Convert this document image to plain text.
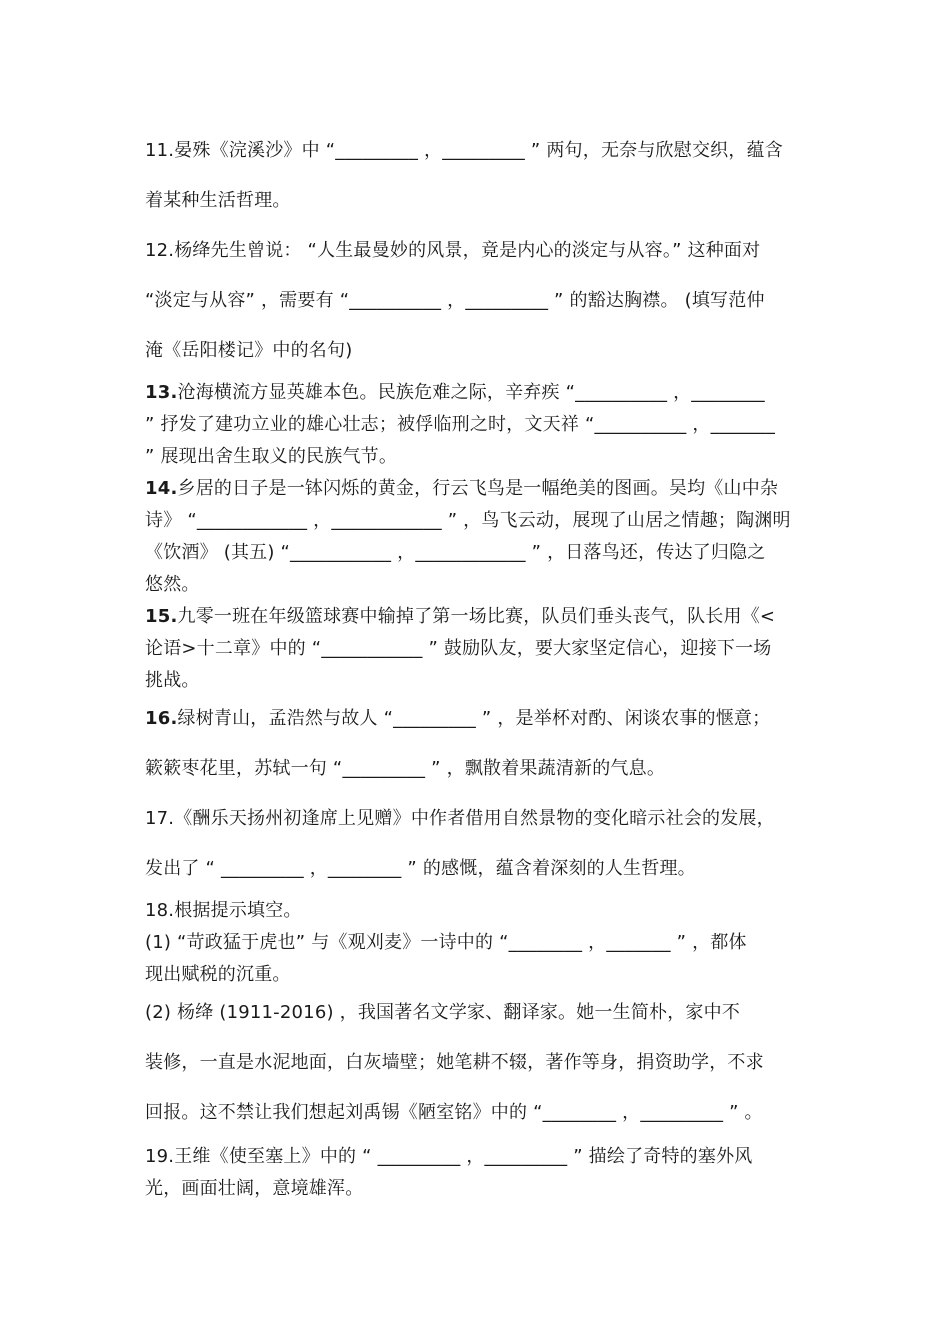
11.晏殊《浣溪沙》中 “_________ ，_________ ” 两句，无奈与欣慰交织，蕴含
着某种生活哲理。
12.杨绛先生曾说： “人生最曼妙的风景，竟是内心的淡定与从容。” 这种面对
“淡定与从容” ，需要有 “__________ ，_________ ” 的豁达胸襟。 (填写范仲
淹《岳阳楼记》中的名句)
13.沧海横流方显英雄本色。民族危难之际，辛弃疾 “__________ ，________
” 抒发了建功立业的雄心壮志；被俘临刑之时，文天祥 “__________ ，_______
” 展现出舍生取义的民族气节。
14.乡居的日子是一钵闪烁的黄金，行云飞鸟是一幅绝美的图画。吴均《山中杂
诗》 “____________ ，____________ ” ，鸟飞云动，展现了山居之情趣；陶渊明
《饮酒》 (其五) “___________ ，____________ ” ，日落鸟还，传达了归隐之
悠然。
15.九零一班在年级篮球赛中输掉了第一场比赛，队员们垂头丧气，队长用《<
论语>十二章》中的 “___________ ” 鼓励队友，要大家坚定信心，迎接下一场
挑战。
16.绿树青山，孟浩然与故人 “_________ ” ，是举杯对酌、闲谈农事的惬意；
簌簌枣花里，苏轼一句 “_________ ” ，飘散着果蔬清新的气息。
17.《酬乐天扬州初逢席上见赠》中作者借用自然景物的变化暗示社会的发展，
发出了 “ _________ ，________ ” 的感慨，蕴含着深刻的人生哲理。
18.根据提示填空。
(1) “苛政猛于虎也” 与《观刈麦》一诗中的 “________ ，_______ ” ，都体
现出赋税的沉重。
(2) 杨绛 (1911-2016) ，我国著名文学家、翻译家。她一生简朴，家中不
装修，一直是水泥地面，白灰墙壁；她笔耕不辍，著作等身，捐资助学，不求
回报。这不禁让我们想起刘禹锡《陋室铭》中的 “________ ，_________ ” 。
19.王维《使至塞上》中的 “ _________ ，_________ ” 描绘了奇特的塞外风
光，画面壮阔，意境雄浑。
